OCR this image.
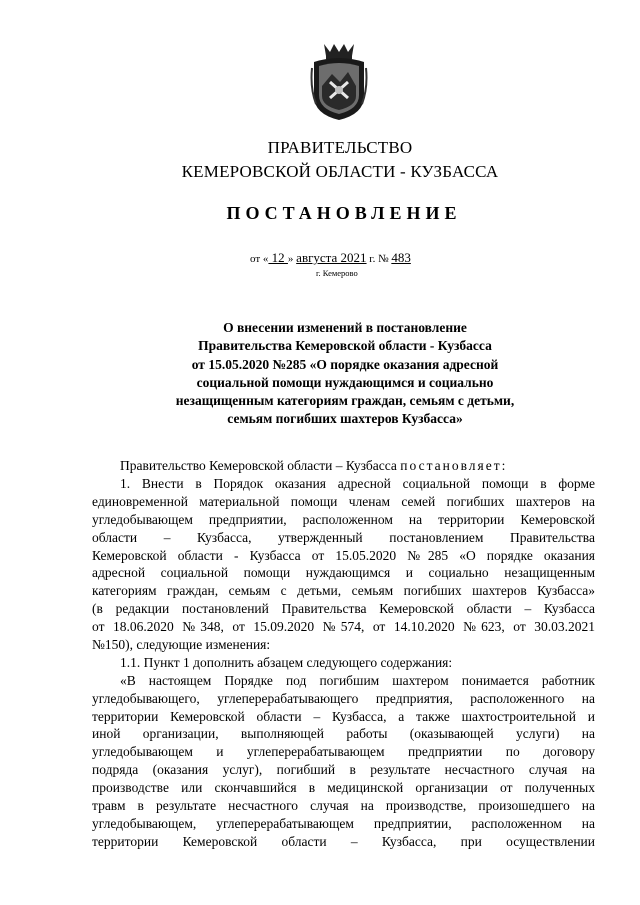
ПРАВИТЕЛЬСТВО
КЕМЕРОВСКОЙ ОБЛАСТИ - КУЗБАССА
ПОСТАНОВЛЕНИЕ
от « 12 » августа 2021 г. № 483
г. Кемерово
О внесении изменений в постановление
Правительства Кемеровской области - Кузбасса
от 15.05.2020 №285 «О порядке оказания адресной
социальной помощи нуждающимся и социально
незащищенным категориям граждан, семьям с детьми,
семьям погибших шахтеров Кузбасса»
Правительство Кемеровской области – Кузбасса постановляет:
1. Внести в Порядок оказания адресной социальной помощи в форме
единовременной материальной помощи членам семей погибших шахтеров на
угледобывающем предприятии, расположенном на территории Кемеровской
области – Кузбасса, утвержденный постановлением Правительства
Кемеровской области - Кузбасса от 15.05.2020 №285 «О порядке оказания
адресной социальной помощи нуждающимся и социально незащищенным
категориям граждан, семьям с детьми, семьям погибших шахтеров Кузбасса»
(в редакции постановлений Правительства Кемеровской области – Кузбасса
от 18.06.2020 №348, от 15.09.2020 №574, от 14.10.2020 №623, от 30.03.2021
№150), следующие изменения:
1.1. Пункт 1 дополнить абзацем следующего содержания:
«В настоящем Порядке под погибшим шахтером понимается работник
угледобывающего, углеперерабатывающего предприятия, расположенного на
территории Кемеровской области – Кузбасса, а также шахтостроительной и
иной организации, выполняющей работы (оказывающей услуги) на
угледобывающем и углеперерабатывающем предприятии по договору
подряда (оказания услуг), погибший в результате несчастного случая на
производстве или скончавшийся в медицинской организации от полученных
травм в результате несчастного случая на производстве, произошедшего на
угледобывающем, углеперерабатывающем предприятии, расположенном на
территории Кемеровской области – Кузбасса, при осуществлении
